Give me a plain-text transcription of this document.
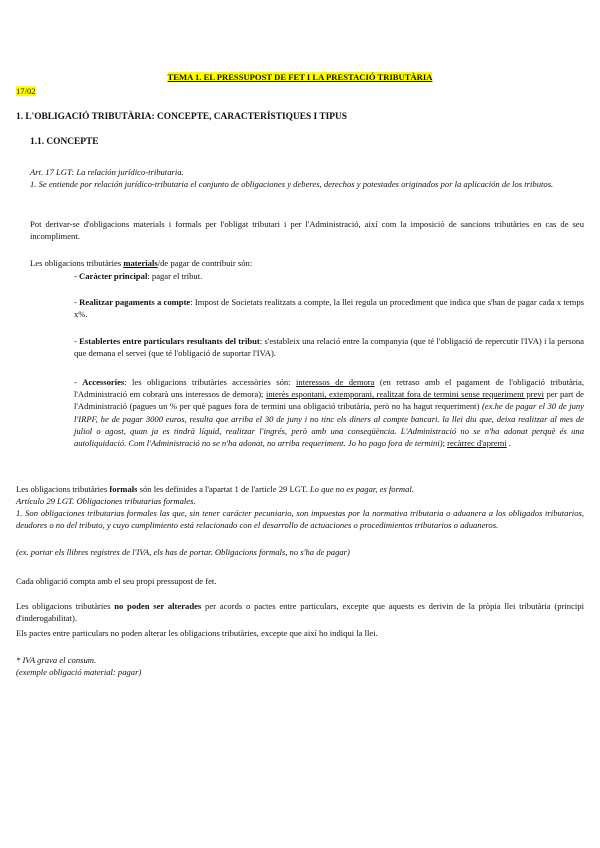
TEMA 1. EL PRESSUPOST DE FET I LA PRESTACIÓ TRIBUTÀRIA
17/02

1. L'OBLIGACIÓ TRIBUTÀRIA: CONCEPTE, CARACTERÍSTIQUES I TIPUS

1.1. CONCEPTE

Art. 17 LGT: La relación jurídico-tributaria.

1. Se entiende por relación jurídico-tributaria el conjunto de obligaciones y deberes, derechos y potestades originados por la aplicación de los tributos.

Pot derivar-se d'obligacions materials i formals per l'obligat tributari i per l'Administració, així com la imposició de sancions tributàries en cas de seu incompliment.

Les obligacions tributàries materials/de pagar de contribuir són:

- Caràcter principal: pagar el tribut.

- Realitzar pagaments a compte: Impost de Societats realitzats a compte, la llei regula un procediment que indica que s'han de pagar cada x temps x%.

- Establertes entre particulars resultants del tribut: s'estableix una relació entre la companyia (que té l'obligació de repercutir l'IVA) i la persona que demana el servei (que té l'obligació de suportar l'IVA).

- Accessories: les obligacions tributàries accessòries són: interessos de demora (en retraso amb el pagament de l'obligació tributària, l'Administració em cobrarà uns interessos de demora); interès espontani, extemporani, realitzat fora de termini sense requeriment previ per part de l'Administració (pagues un % per què pagues fora de termini una obligació tributària, però no ha hagut requeriment) (ex.he de pagar el 30 de juny l'IRPF, he de pagar 3000 euros, resulta que arriba el 30 de juny i no tinc els diners al compte bancari. la llei diu que, deixa realitzar al mes de juliol o agost, quan ja es tindrà líquid, realitzar l'ingrés, però amb una conseqüència. L'Administració no se n'ha adonat perquè és una autoliquidació. Com l'Administració no se n'ha adonat, no arriba requeriment. Jo ho pago fora de termini); recàrrec d'apremi .

Les obligacions tributàries formals són les definides a l'apartat 1 de l'article 29 LGT. Lo que no es pagar, es formal.

Artículo 29 LGT. Obligaciones tributarias formales.

1. Son obligaciones tributarias formales las que, sin tener carácter pecuniario, son impuestas por la normativa tributaria o aduanera a los obligados tributarios, deudores o no del tributo, y cuyo cumplimiento está relacionado con el desarrollo de actuaciones o procedimientos tributarios o aduaneros.

(ex. portar els llibres registres de l'IVA, els has de portar. Obligacions formals, no s'ha de pagar)

Cada obligació compta amb el seu propi pressupost de fet.

Les obligacions tributàries no poden ser alterades per acords o pactes entre particulars, excepte que aquests es derivin de la pròpia llei tributària (principi d'inderogabilitat).

Els pactes entre particulars no poden alterar les obligacions tributàries, excepte que així ho indiqui la llei.

* IVA grava el consum.

(exemple obligació material: pagar)
